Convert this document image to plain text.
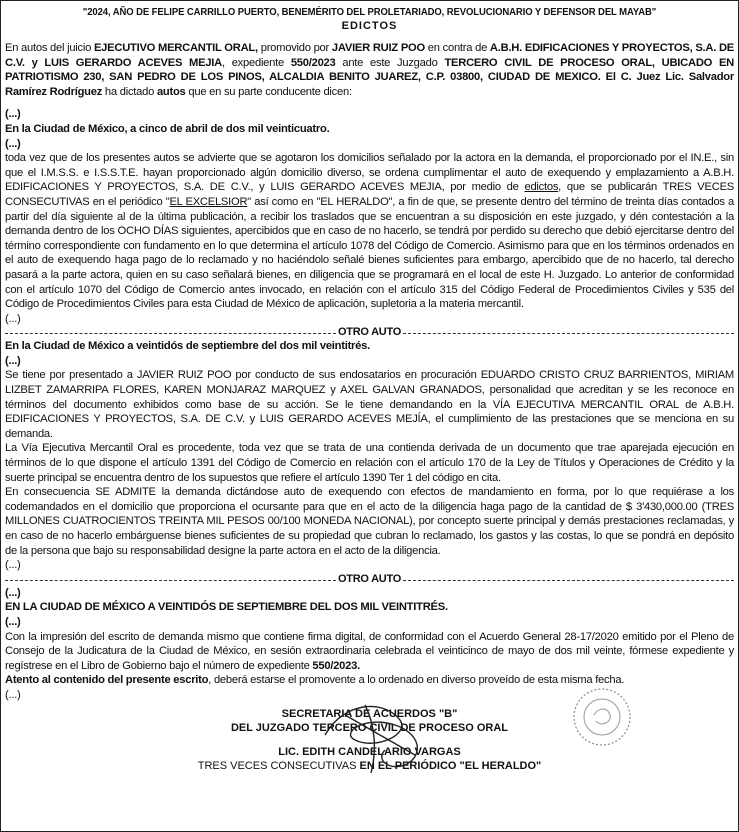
"2024, AÑO DE FELIPE CARRILLO PUERTO, BENEMÉRITO DEL PROLETARIADO, REVOLUCIONARIO Y DEFENSOR DEL MAYAB"
EDICTOS

En autos del juicio EJECUTIVO MERCANTIL ORAL, promovido por JAVIER RUIZ POO en contra de A.B.H. EDIFICACIONES Y PROYECTOS, S.A. DE C.V. y LUIS GERARDO ACEVES MEJIA, expediente 550/2023 ante este Juzgado TERCERO CIVIL DE PROCESO ORAL, UBICADO EN PATRIOTISMO 230, SAN PEDRO DE LOS PINOS, ALCALDIA BENITO JUAREZ, C.P. 03800, CIUDAD DE MEXICO. El C. Juez Lic. Salvador Ramírez Rodríguez ha dictado autos que en su parte conducente dicen:

(...)

En la Ciudad de México, a cinco de abril de dos mil veinticuatro.

(...)

toda vez que de los presentes autos se advierte que se agotaron los domicilios señalado por la actora en la demanda, el proporcionado por el IN.E., sin que el I.M.S.S. e I.S.S.T.E. hayan proporcionado algún domicilio diverso, se ordena cumplimentar el auto de exequendo y emplazamiento a A.B.H. EDIFICACIONES Y PROYECTOS, S.A. DE C.V., y LUIS GERARDO ACEVES MEJIA, por medio de edictos, que se publicarán TRES VECES CONSECUTIVAS en el periódico "EL EXCELSIOR" así como en "EL HERALDO", a fin de que, se presente dentro del término de treinta días contados a partir del día siguiente al de la última publicación, a recibir los traslados que se encuentran a su disposición en este juzgado, y dén contestación a la demanda dentro de los OCHO DÍAS siguientes, apercibidos que en caso de no hacerlo, se tendrá por perdido su derecho que debió ejercitarse dentro del término correspondiente con fundamento en lo que determina el artículo 1078 del Código de Comercio. Asimismo para que en los términos ordenados en el auto de exequendo haga pago de lo reclamado y no haciéndolo señalé bienes suficientes para embargo, apercibido que de no hacerlo, tal derecho pasará a la parte actora, quien en su caso señalará bienes, en diligencia que se programará en el local de este H. Juzgado. Lo anterior de conformidad con el artículo 1070 del Código de Comercio antes invocado, en relación con el artículo 315 del Código Federal de Procedimientos Civiles y 535 del Código de Procedimientos Civiles para esta Ciudad de México de aplicación, supletoria a la materia mercantil.

(...)

OTRO AUTO

En la Ciudad de México a veintidós de septiembre del dos mil veintitrés.

(...)

Se tiene por presentado a JAVIER RUIZ POO por conducto de sus endosatarios en procuración EDUARDO CRISTO CRUZ BARRIENTOS, MIRIAM LIZBET ZAMARRIPA FLORES, KAREN MONJARAZ MARQUEZ y AXEL GALVAN GRANADOS, personalidad que acreditan y se les reconoce en términos del documento exhibidos como base de su acción. Se le tiene demandando en la VÍA EJECUTIVA MERCANTIL ORAL de A.B.H. EDIFICACIONES Y PROYECTOS, S.A. DE C.V. y LUIS GERARDO ACEVES MEJÍA, el cumplimiento de las prestaciones que se menciona en su demanda.

La Vía Ejecutiva Mercantil Oral es procedente, toda vez que se trata de una contienda derivada de un documento que trae aparejada ejecución en términos de lo que dispone el artículo 1391 del Código de Comercio en relación con el artículo 170 de la Ley de Títulos y Operaciones de Crédito y la suerte principal se encuentra dentro de los supuestos que refiere el artículo 1390 Ter 1 del código en cita.

En consecuencia SE ADMITE la demanda dictándose auto de exequendo con efectos de mandamiento en forma, por lo que requiérase a los codemandados en el domicilio que proporciona el ocursante para que en el acto de la diligencia haga pago de la cantidad de $ 3'430,000.00 (TRES MILLONES CUATROCIENTOS TREINTA MIL PESOS 00/100 MONEDA NACIONAL), por concepto suerte principal y demás prestaciones reclamadas, y en caso de no hacerlo embárguense bienes suficientes de su propiedad que cubran lo reclamado, los gastos y las costas, lo que se pondrá en depósito de la persona que bajo su responsabilidad designe la parte actora en el acto de la diligencia.

(...)

OTRO AUTO

(...)

EN LA CIUDAD DE MÉXICO A VEINTIDÓS DE SEPTIEMBRE DEL DOS MIL VEINTITRÉS.

(...)

Con la impresión del escrito de demanda mismo que contiene firma digital, de conformidad con el Acuerdo General 28-17/2020 emitido por el Pleno de Consejo de la Judicatura de la Ciudad de México, en sesión extraordinaria celebrada el veinticinco de mayo de dos mil veinte, fórmese expediente y regístrese en el Libro de Gobierno bajo el número de expediente 550/2023.

Atento al contenido del presente escrito, deberá estarse el promovente a lo ordenado en diverso proveído de esta misma fecha.

(...)

SECRETARIA DE ACUERDOS "B"
DEL JUZGADO TERCERO CIVIL DE PROCESO ORAL
LIC. EDITH CANDELARIO VARGAS
TRES VECES CONSECUTIVAS EN EL PERIÓDICO "EL HERALDO"
